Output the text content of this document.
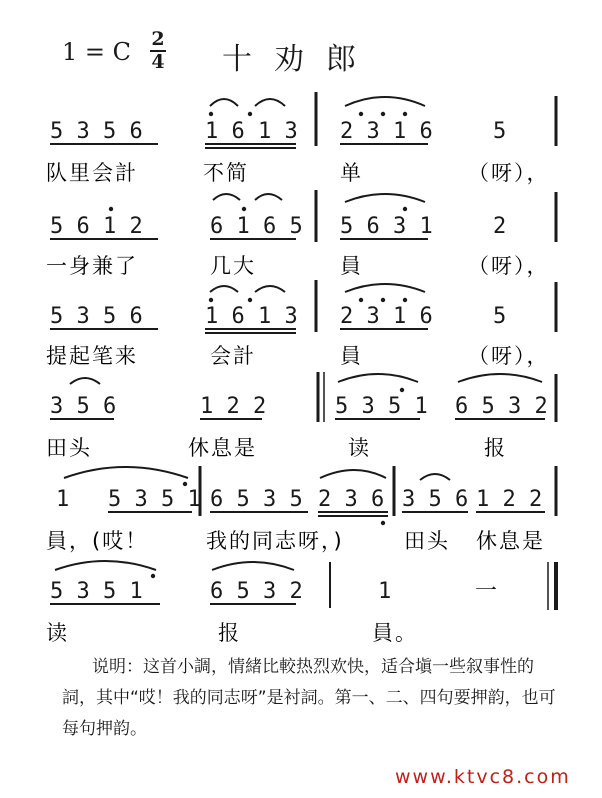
1 = C 2
4 十劝郎
5 3 5 6	1 6 1 3 2 3 1 6	5
队里会計	不简	单	（呀），
5 6 1 2	6 1 6 5 5 6 3 1	2
一身兼了	几大	員	（呀），
5 3 5 6	1 6 1 3 2 3 1 6	5
提起笔来	会計	員	（呀），
3 5 6	1 2 2	5 3 5 1 6 5 3 2
田头	休息是	读	报
1 5 3 5 1 6 5 3 5 2 3 6 3 5 6 1 2 2
員，(哎！	我的同志呀，)	田头 休息是
5 3 5 1	6 5 3 2	1	一
读	报	員。
说明：这首小調，情緒比較热烈欢快，适合塡一些叙事性的詞，其中“哎！我的同志呀”是衬詞。第一、二、四句要押韵，也可每句押韵。
www.ktvc8.com
